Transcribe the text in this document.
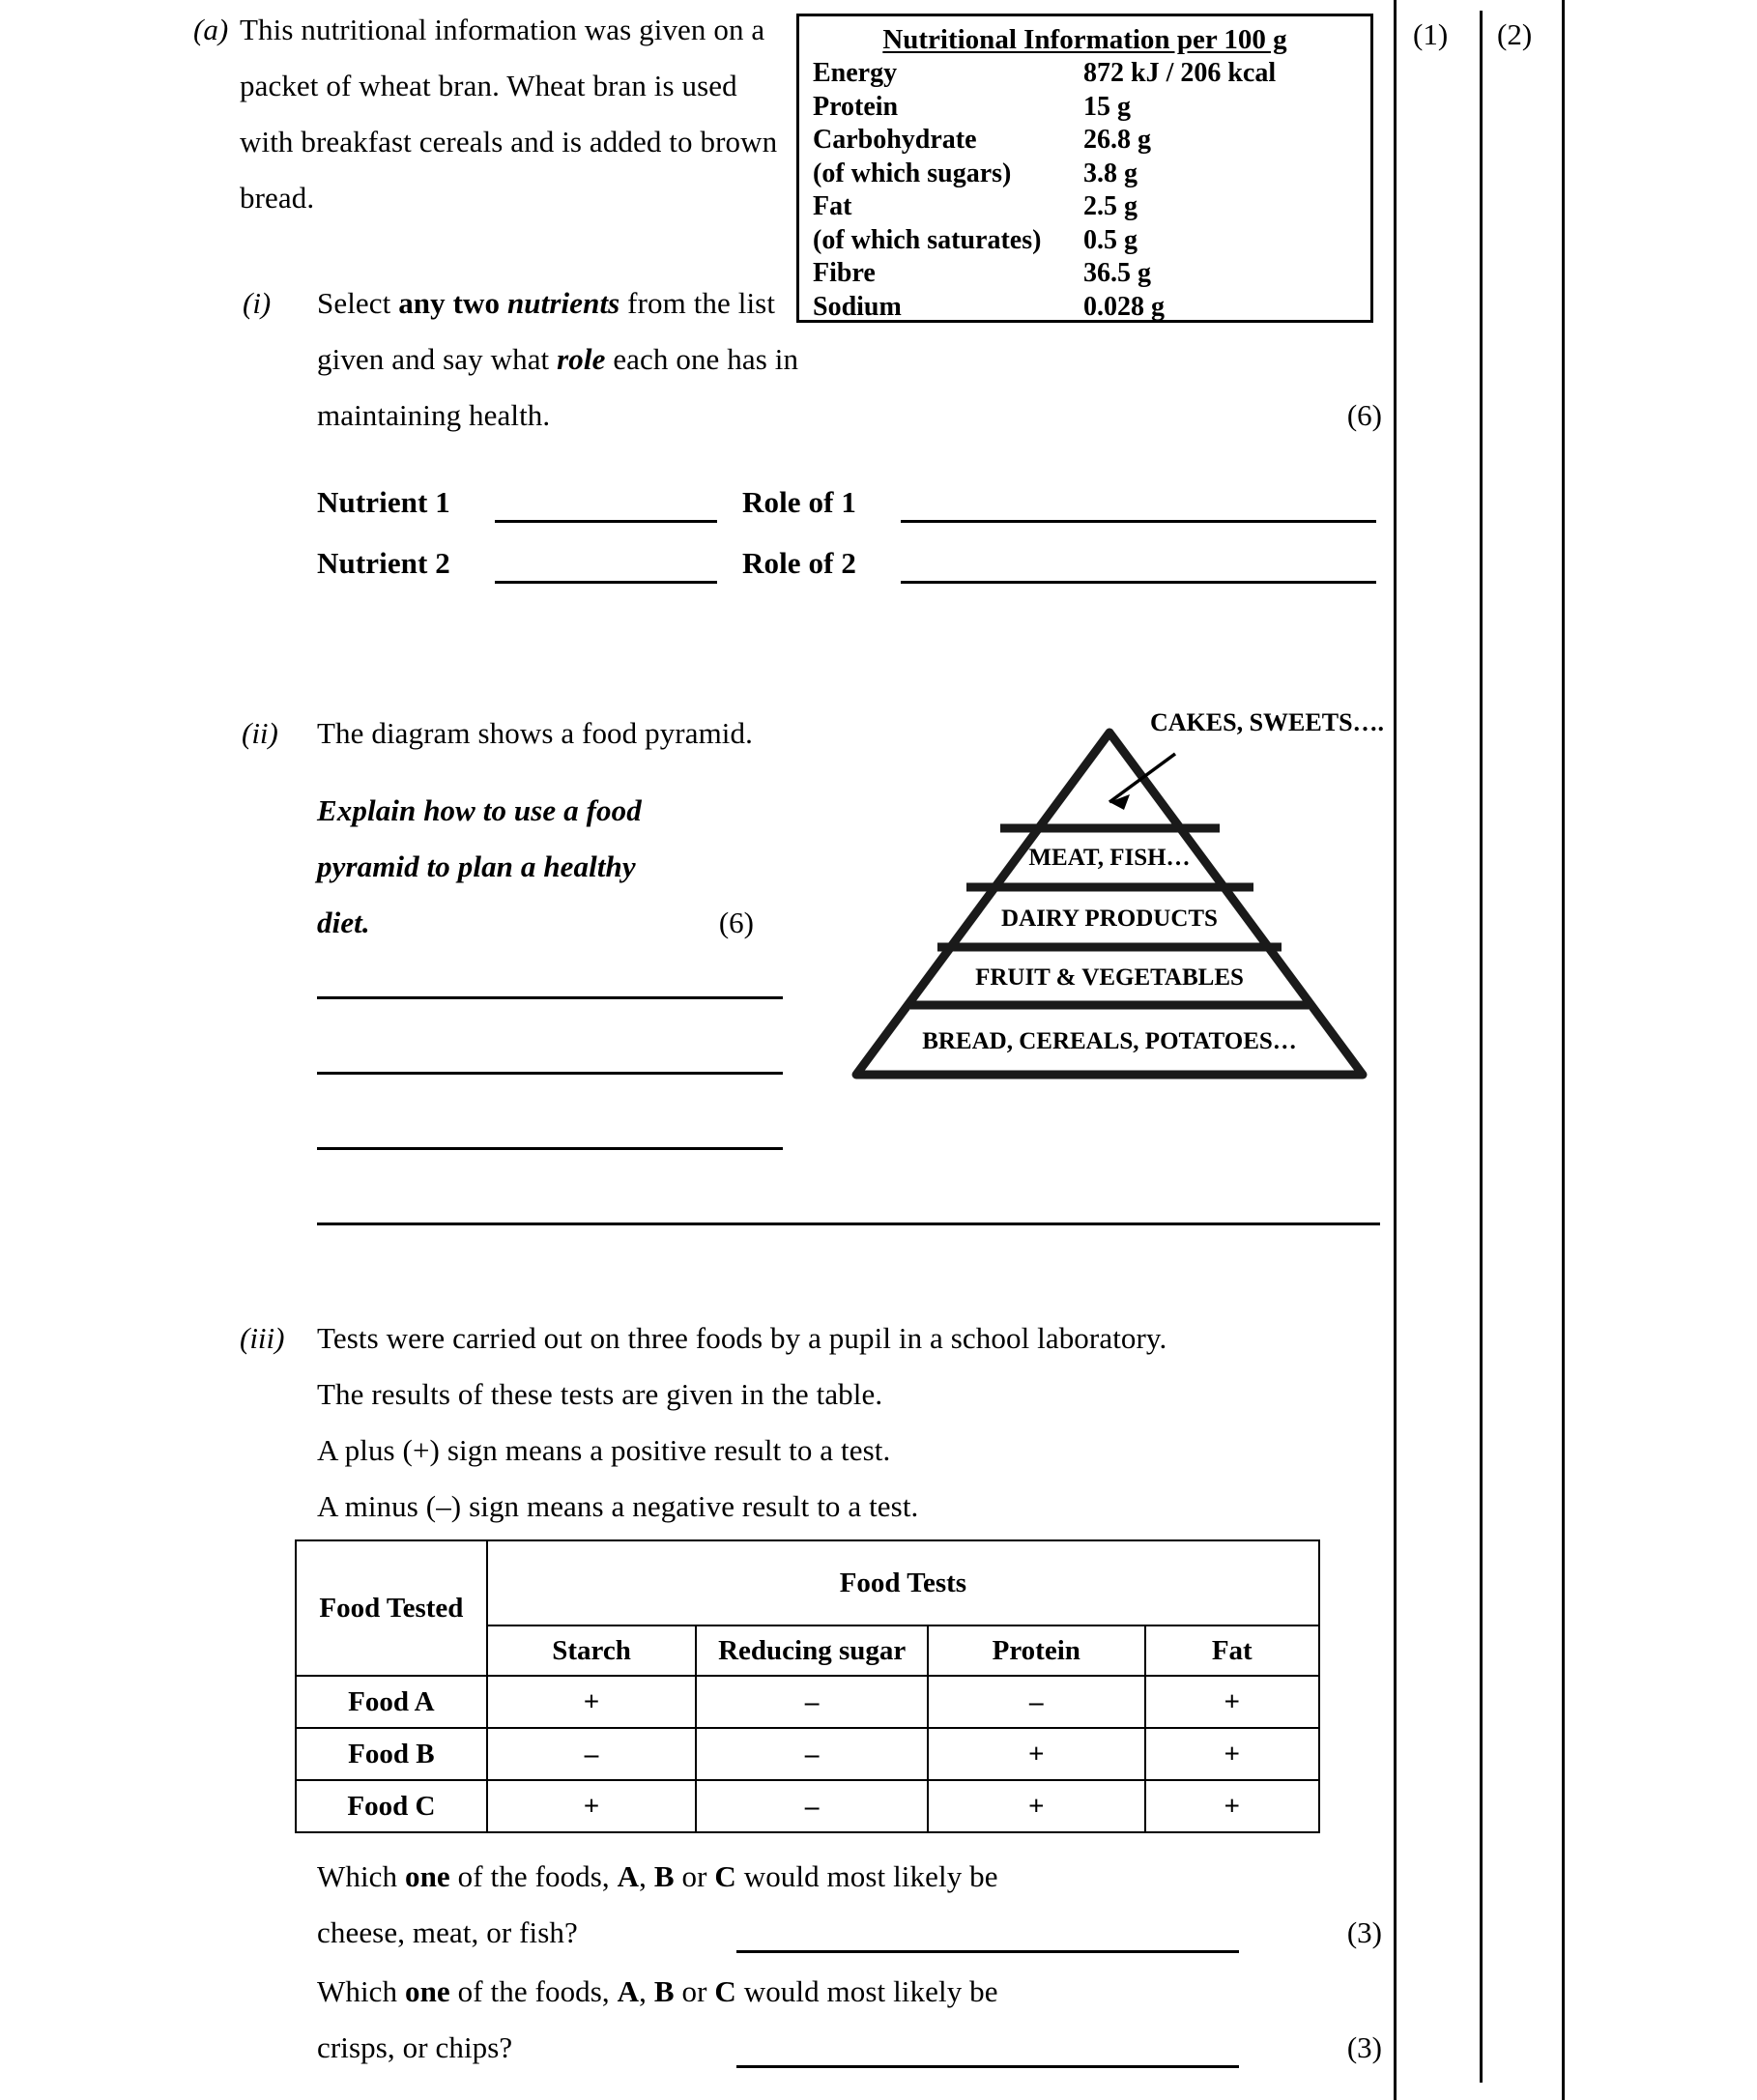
(a) This nutritional information was given on a packet of wheat bran. Wheat bran is used with breakfast cereals and is added to brown bread.
Nutritional Information per 100 g
Energy	872 kJ / 206 kcal
Protein	15 g
Carbohydrate	26.8 g
(of which sugars)	3.8 g
Fat	2.5 g
(of which saturates)	0.5 g
Fibre	36.5 g
Sodium	0.028 g
(i) Select any two nutrients from the list given and say what role each one has in maintaining health.	(6)
Nutrient 1	Role of 1
Nutrient 2	Role of 2
(ii) The diagram shows a food pyramid.
Explain how to use a food
pyramid to plan a healthy
diet.	(6)
MEAT, FISH…
DAIRY PRODUCTS
FRUIT & VEGETABLES
BREAD, CEREALS, POTATOES…
CAKES, SWEETS….
(iii) Tests were carried out on three foods by a pupil in a school laboratory.
The results of these tests are given in the table.
A plus (+) sign means a positive result to a test.
A minus (–) sign means a negative result to a test.
Food Tested	Food Tests			
	Starch	Reducing sugar	Protein	Fat
Food A	+	–	–	+
Food B	–	–	+	+
Food C	+	–	+	+
Which one of the foods, A, B or C would most likely be
cheese, meat, or fish?	(3)
Which one of the foods, A, B or C would most likely be
crisps, or chips?	(3)
(1) (2)
